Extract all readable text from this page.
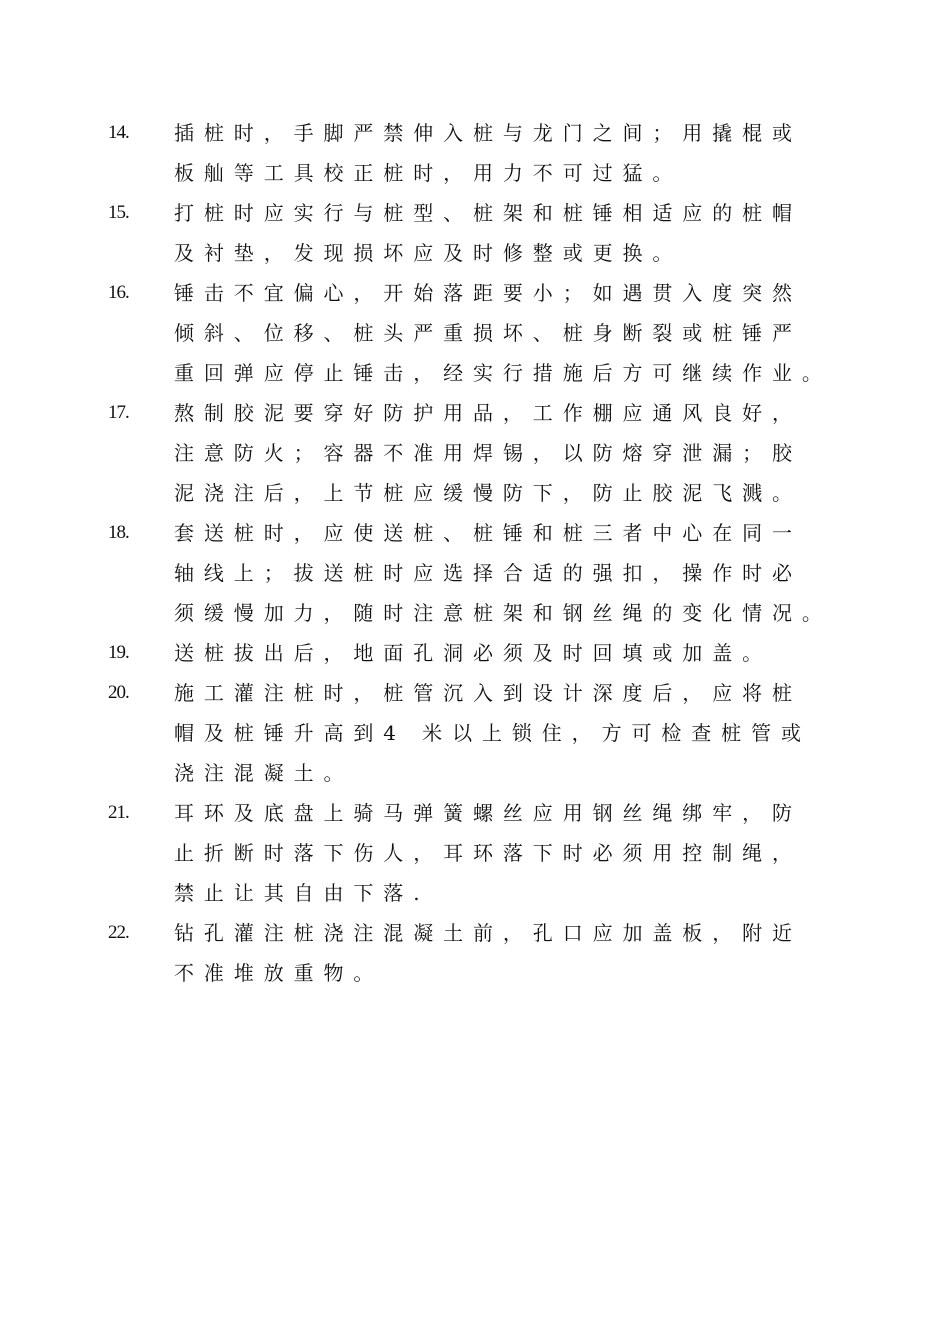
14. 插桩时，手脚严禁伸入桩与龙门之间；用撬棍或
板舢等工具校正桩时，用力不可过猛。
15. 打桩时应实行与桩型、桩架和桩锤相适应的桩帽
及衬垫，发现损坏应及时修整或更换。
16. 锤击不宜偏心，开始落距要小；如遇贯入度突然
倾斜、位移、桩头严重损坏、桩身断裂或桩锤严
重回弹应停止锤击，经实行措施后方可继续作业。
17. 熬制胶泥要穿好防护用品，工作棚应通风良好，
注意防火；容器不准用焊锡，以防熔穿泄漏；胶
泥浇注后，上节桩应缓慢防下，防止胶泥飞溅。
18. 套送桩时，应使送桩、桩锤和桩三者中心在同一
轴线上；拔送桩时应选择合适的强扣，操作时必
须缓慢加力，随时注意桩架和钢丝绳的变化情况。
19. 送桩拔出后，地面孔洞必须及时回填或加盖。
20. 施工灌注桩时，桩管沉入到设计深度后，应将桩
帽及桩锤升高到4 米以上锁住，方可检查桩管或
浇注混凝土。
21. 耳环及底盘上骑马弹簧螺丝应用钢丝绳绑牢，防
止折断时落下伤人，耳环落下时必须用控制绳，
禁止让其自由下落.
22. 钻孔灌注桩浇注混凝土前，孔口应加盖板，附近
不准堆放重物。
